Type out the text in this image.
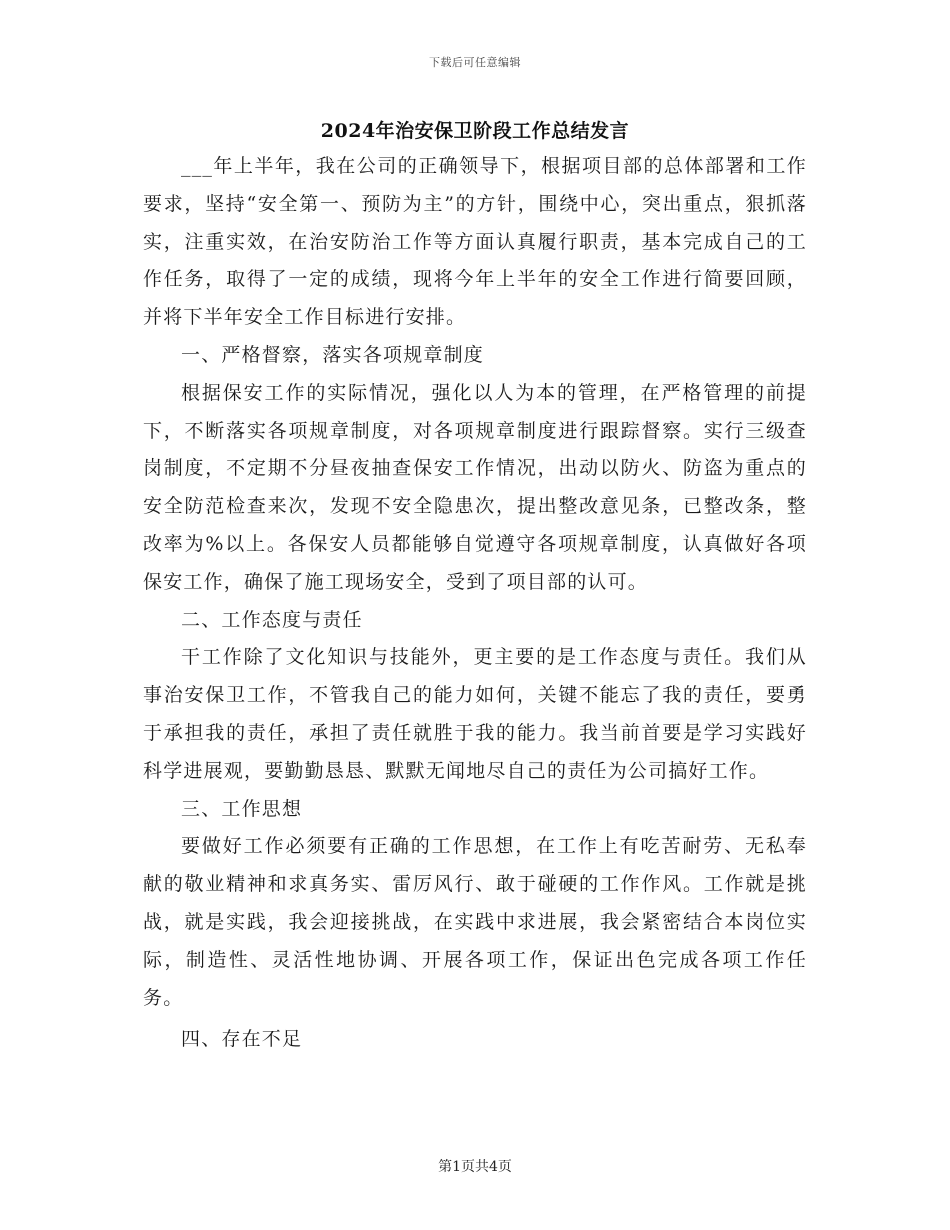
下载后可任意编辑
2024年治安保卫阶段工作总结发言

___年上半年，我在公司的正确领导下，根据项目部的总体部署和工作要求，坚持“安全第一、预防为主”的方针，围绕中心，突出重点，狠抓落实，注重实效，在治安防治工作等方面认真履行职责，基本完成自己的工作任务，取得了一定的成绩，现将今年上半年的安全工作进行简要回顾，并将下半年安全工作目标进行安排。

一、严格督察，落实各项规章制度

根据保安工作的实际情况，强化以人为本的管理，在严格管理的前提下，不断落实各项规章制度，对各项规章制度进行跟踪督察。实行三级查岗制度，不定期不分昼夜抽查保安工作情况，出动以防火、防盗为重点的安全防范检查来次，发现不安全隐患次，提出整改意见条，已整改条，整改率为%以上。各保安人员都能够自觉遵守各项规章制度，认真做好各项保安工作，确保了施工现场安全，受到了项目部的认可。

二、工作态度与责任

干工作除了文化知识与技能外，更主要的是工作态度与责任。我们从事治安保卫工作，不管我自己的能力如何，关键不能忘了我的责任，要勇于承担我的责任，承担了责任就胜于我的能力。我当前首要是学习实践好科学进展观，要勤勤恳恳、默默无闻地尽自己的责任为公司搞好工作。

三、工作思想

要做好工作必须要有正确的工作思想，在工作上有吃苦耐劳、无私奉献的敬业精神和求真务实、雷厉风行、敢于碰硬的工作作风。工作就是挑战，就是实践，我会迎接挑战，在实践中求进展，我会紧密结合本岗位实际，制造性、灵活性地协调、开展各项工作，保证出色完成各项工作任务。

四、存在不足

第1页共4页
